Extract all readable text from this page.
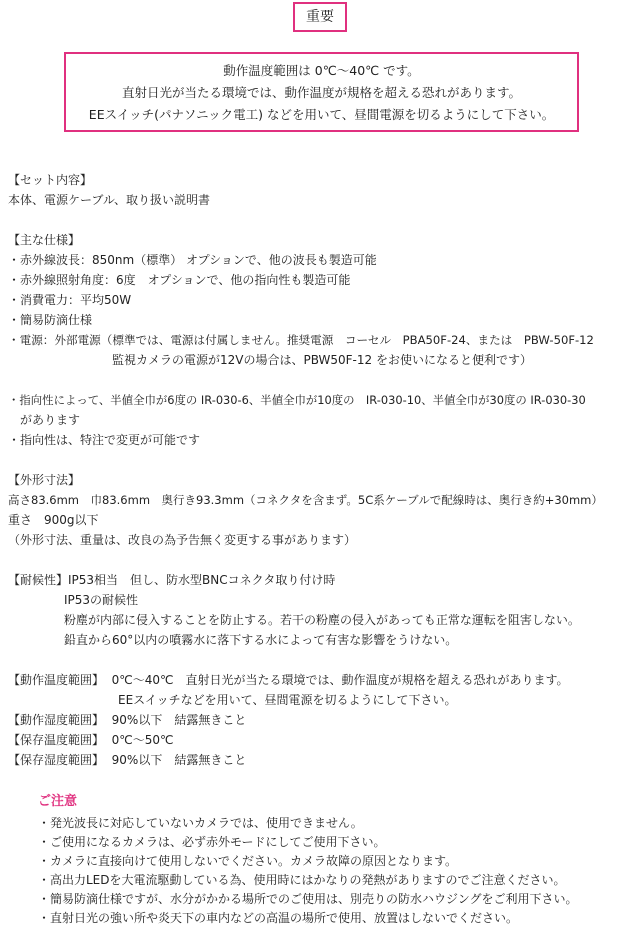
重要
動作温度範囲は 0℃～40℃ です。
直射日光が当たる環境では、動作温度が規格を超える恐れがあります。
EEスイッチ(パナソニック電工) などを用いて、昼間電源を切るようにして下さい。
【セット内容】
本体、電源ケーブル、取り扱い説明書
【主な仕様】
・赤外線波長：850nm（標準） オプションで、他の波長も製造可能
・赤外線照射角度：6度　オプションで、他の指向性も製造可能
・消費電力：平均50W
・簡易防滴仕様
・電源：外部電源（標準では、電源は付属しません。推奨電源　コーセル　PBA50F-24、または　PBW-50F-12
監視カメラの電源が12Vの場合は、PBW50F-12 をお使いになると便利です）
・指向性によって、半値全巾が6度の IR-030-6、半値全巾が10度の　IR-030-10、半値全巾が30度の IR-030-30
があります
・指向性は、特注で変更が可能です
【外形寸法】
高さ83.6mm　巾83.6mm　奥行き93.3mm（コネクタを含まず。5C系ケーブルで配線時は、奥行き約+30mm）
重さ　900g以下
（外形寸法、重量は、改良の為予告無く変更する事があります）
【耐候性】IP53相当　但し、防水型BNCコネクタ取り付け時
IP53の耐候性
粉塵が内部に侵入することを防止する。若干の粉塵の侵入があっても正常な運転を阻害しない。
鉛直から60°以内の噴霧水に落下する水によって有害な影響をうけない。
【動作温度範囲】 0℃～40℃　直射日光が当たる環境では、動作温度が規格を超える恐れがあります。
EEスイッチなどを用いて、昼間電源を切るようにして下さい。
【動作湿度範囲】 90%以下　結露無きこと
【保存温度範囲】 0℃～50℃
【保存湿度範囲】 90%以下　結露無きこと
ご注意
・発光波長に対応していないカメラでは、使用できません。
・ご使用になるカメラは、必ず赤外モードにしてご使用下さい。
・カメラに直接向けて使用しないでください。カメラ故障の原因となります。
・高出力LEDを大電流駆動している為、使用時にはかなりの発熱がありますのでご注意ください。
・簡易防滴仕様ですが、水分がかかる場所でのご使用は、別売りの防水ハウジングをご利用下さい。
・直射日光の強い所や炎天下の車内などの高温の場所で使用、放置はしないでください。
